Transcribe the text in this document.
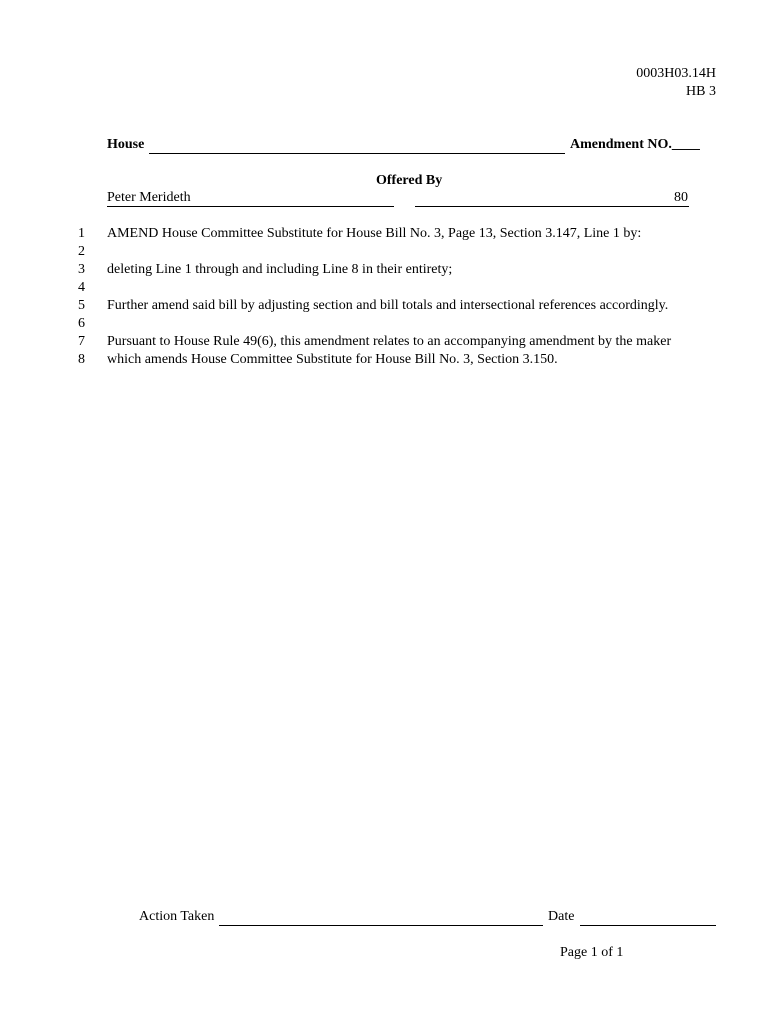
0003H03.14H
HB 3
House	Amendment NO.____
Offered By
Peter Merideth	80
1
2
3
4
5
6
7
8
AMEND House Committee Substitute for House Bill No. 3, Page 13, Section 3.147, Line 1 by:
deleting Line 1 through and including Line 8 in their entirety;
Further amend said bill by adjusting section and bill totals and intersectional references accordingly.
Pursuant to House Rule 49(6), this amendment relates to an accompanying amendment by the maker
which amends House Committee Substitute for House Bill No. 3, Section 3.150.
Action Taken	Date
Page 1 of 1
